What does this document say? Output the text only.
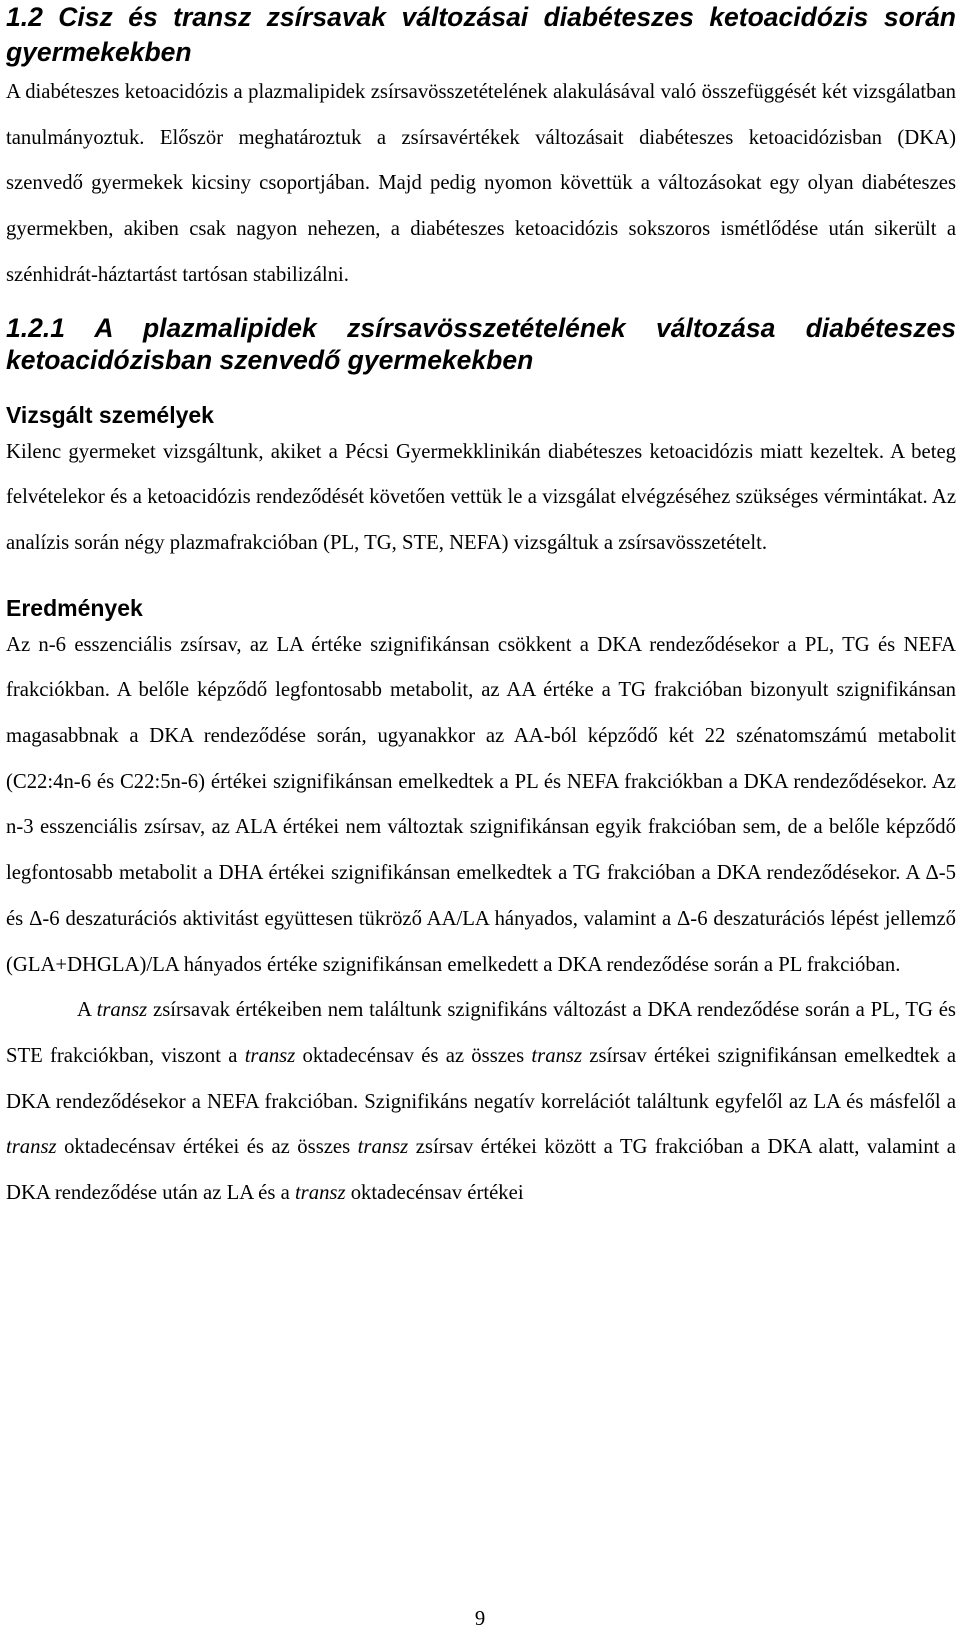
1.2 Cisz és transz zsírsavak változásai diabéteszes ketoacidózis során gyermekekben

A diabéteszes ketoacidózis a plazmalipidek zsírsavösszetételének alakulásával való összefüggését két vizsgálatban tanulmányoztuk. Először meghatároztuk a zsírsavértékek változásait diabéteszes ketoacidózisban (DKA) szenvedő gyermekek kicsiny csoportjában. Majd pedig nyomon követtük a változásokat egy olyan diabéteszes gyermekben, akiben csak nagyon nehezen, a diabéteszes ketoacidózis sokszoros ismétlődése után sikerült a szénhidrát-háztartást tartósan stabilizálni.

1.2.1 A plazmalipidek zsírsavösszetételének változása diabéteszes ketoacidózisban szenvedő gyermekekben

Vizsgált személyek

Kilenc gyermeket vizsgáltunk, akiket a Pécsi Gyermekklinikán diabéteszes ketoacidózis miatt kezeltek. A beteg felvételekor és a ketoacidózis rendeződését követően vettük le a vizsgálat elvégzéséhez szükséges vérmintákat. Az analízis során négy plazmafrakcióban (PL, TG, STE, NEFA) vizsgáltuk a zsírsavösszetételt.

Eredmények

Az n-6 esszenciális zsírsav, az LA értéke szignifikánsan csökkent a DKA rendeződésekor a PL, TG és NEFA frakciókban. A belőle képződő legfontosabb metabolit, az AA értéke a TG frakcióban bizonyult szignifikánsan magasabbnak a DKA rendeződése során, ugyanakkor az AA-ból képződő két 22 szénatomszámú metabolit (C22:4n-6 és C22:5n-6) értékei szignifikánsan emelkedtek a PL és NEFA frakciókban a DKA rendeződésekor. Az n-3 esszenciális zsírsav, az ALA értékei nem változtak szignifikánsan egyik frakcióban sem, de a belőle képződő legfontosabb metabolit a DHA értékei szignifikánsan emelkedtek a TG frakcióban a DKA rendeződésekor. A Δ-5 és Δ-6 deszaturációs aktivitást együttesen tükröző AA/LA hányados, valamint a Δ-6 deszaturációs lépést jellemző (GLA+DHGLA)/LA hányados értéke szignifikánsan emelkedett a DKA rendeződése során a PL frakcióban.

A transz zsírsavak értékeiben nem találtunk szignifikáns változást a DKA rendeződése során a PL, TG és STE frakciókban, viszont a transz oktadecénsav és az összes transz zsírsav értékei szignifikánsan emelkedtek a DKA rendeződésekor a NEFA frakcióban. Szignifikáns negatív korrelációt találtunk egyfelől az LA és másfelől a transz oktadecénsav értékei és az összes transz zsírsav értékei között a TG frakcióban a DKA alatt, valamint a DKA rendeződése után az LA és a transz oktadecénsav értékei

9
